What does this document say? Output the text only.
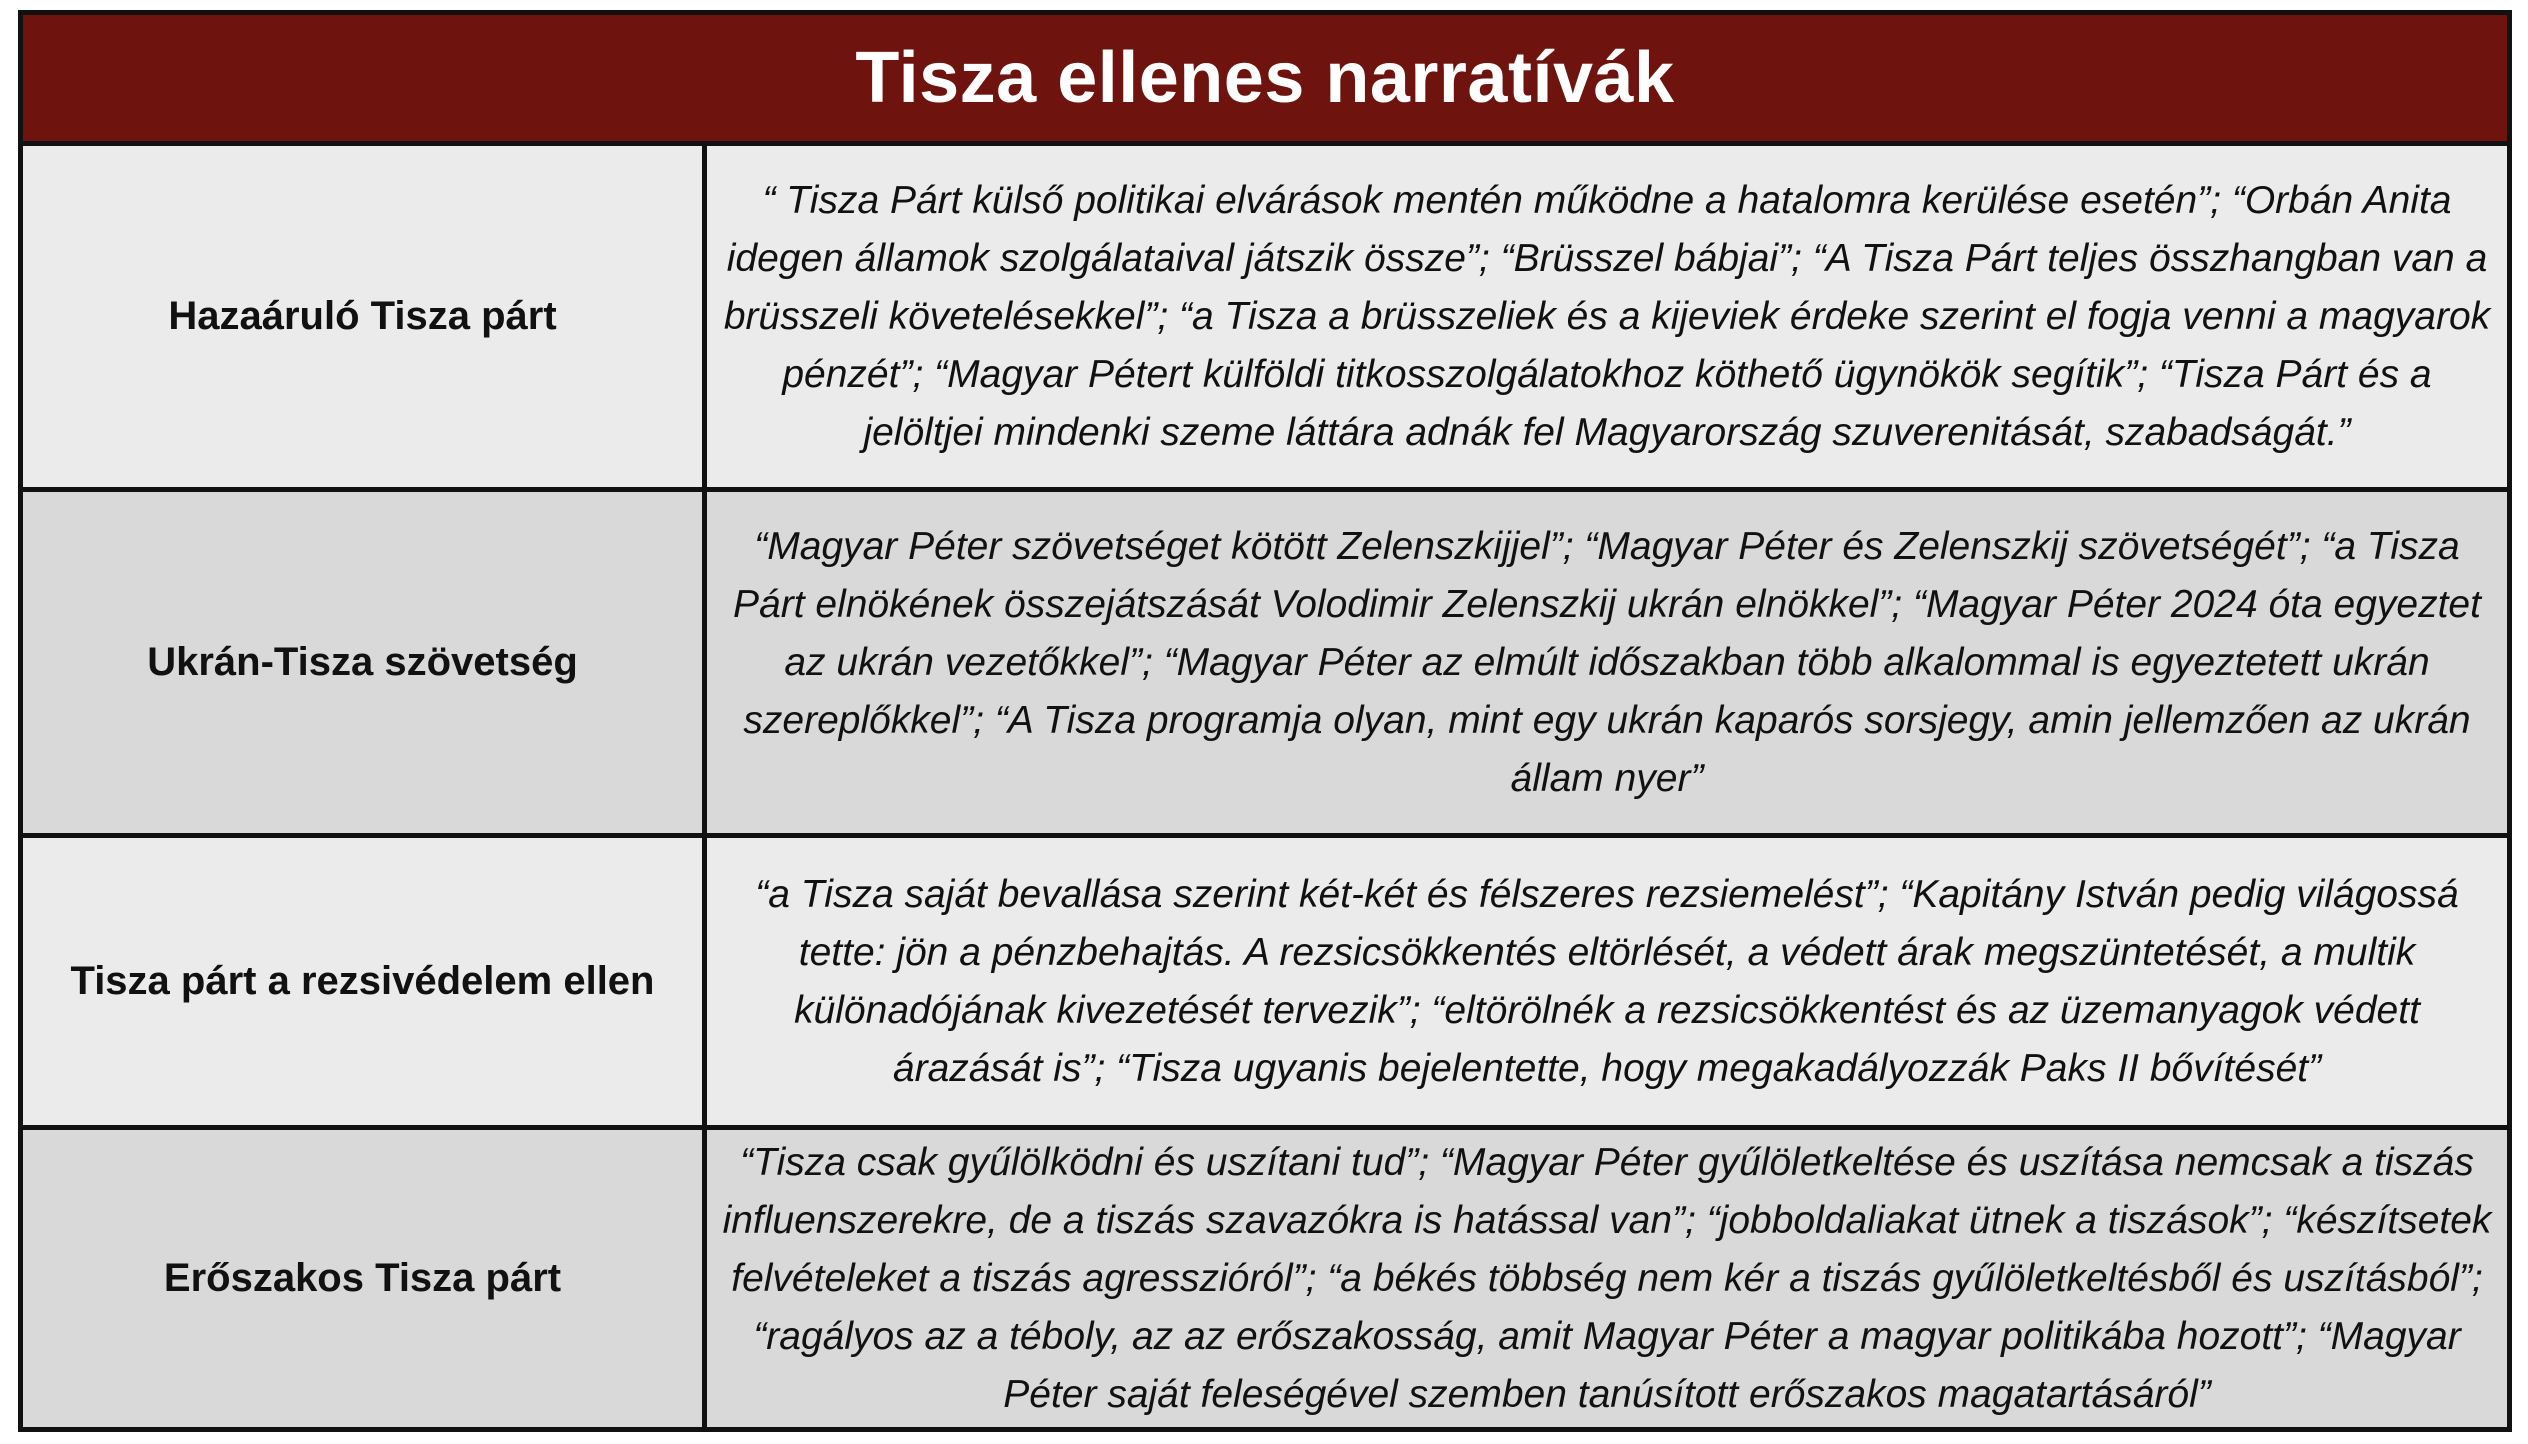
Tisza ellenes narratívák
Hazaáruló Tisza párt
“ Tisza Párt külső politikai elvárások mentén működne a hatalomra kerülése esetén”; “Orbán Anita idegen államok szolgálataival játszik össze”; “Brüsszel bábjai”; “A Tisza Párt teljes összhangban van a brüsszeli követelésekkel”; “a Tisza a brüsszeliek és a kijeviek érdeke szerint el fogja venni a magyarok pénzét”; “Magyar Pétert külföldi titkosszolgálatokhoz köthető ügynökök segítik”; “Tisza Párt és a jelöltjei mindenki szeme láttára adnák fel Magyarország szuverenitását, szabadságát.”
Ukrán-Tisza szövetség
“Magyar Péter szövetséget kötött Zelenszkijjel”; “Magyar Péter és Zelenszkij szövetségét”; “a Tisza Párt elnökének összejátszását Volodimir Zelenszkij ukrán elnökkel”; “Magyar Péter 2024 óta egyeztet az ukrán vezetőkkel”; “Magyar Péter az elmúlt időszakban több alkalommal is egyeztetett ukrán szereplőkkel”; “A Tisza programja olyan, mint egy ukrán kaparós sorsjegy, amin jellemzően az ukrán állam nyer”
Tisza párt a rezsivédelem ellen
“a Tisza saját bevallása szerint két-két és félszeres rezsiemelést”; “Kapitány István pedig világossá tette: jön a pénzbehajtás. A rezsicsökkentés eltörlését, a védett árak megszüntetését, a multik különadójának kivezetését tervezik”; “eltörölnék a rezsicsökkentést és az üzemanyagok védett árazását is”; “Tisza ugyanis bejelentette, hogy megakadályozzák Paks II bővítését”
Erőszakos Tisza párt
“Tisza csak gyűlölködni és uszítani tud”; “Magyar Péter gyűlöletkeltése és uszítása nemcsak a tiszás influenszerekre, de a tiszás szavazókra is hatással van”; “jobboldaliakat ütnek a tiszások”; “készítsetek felvételeket a tiszás agresszióról”; “a békés többség nem kér a tiszás gyűlöletkeltésből és uszításból”; “ragályos az a téboly, az az erőszakosság, amit Magyar Péter a magyar politikába hozott”; “Magyar Péter saját feleségével szemben tanúsított erőszakos magatartásáról”
